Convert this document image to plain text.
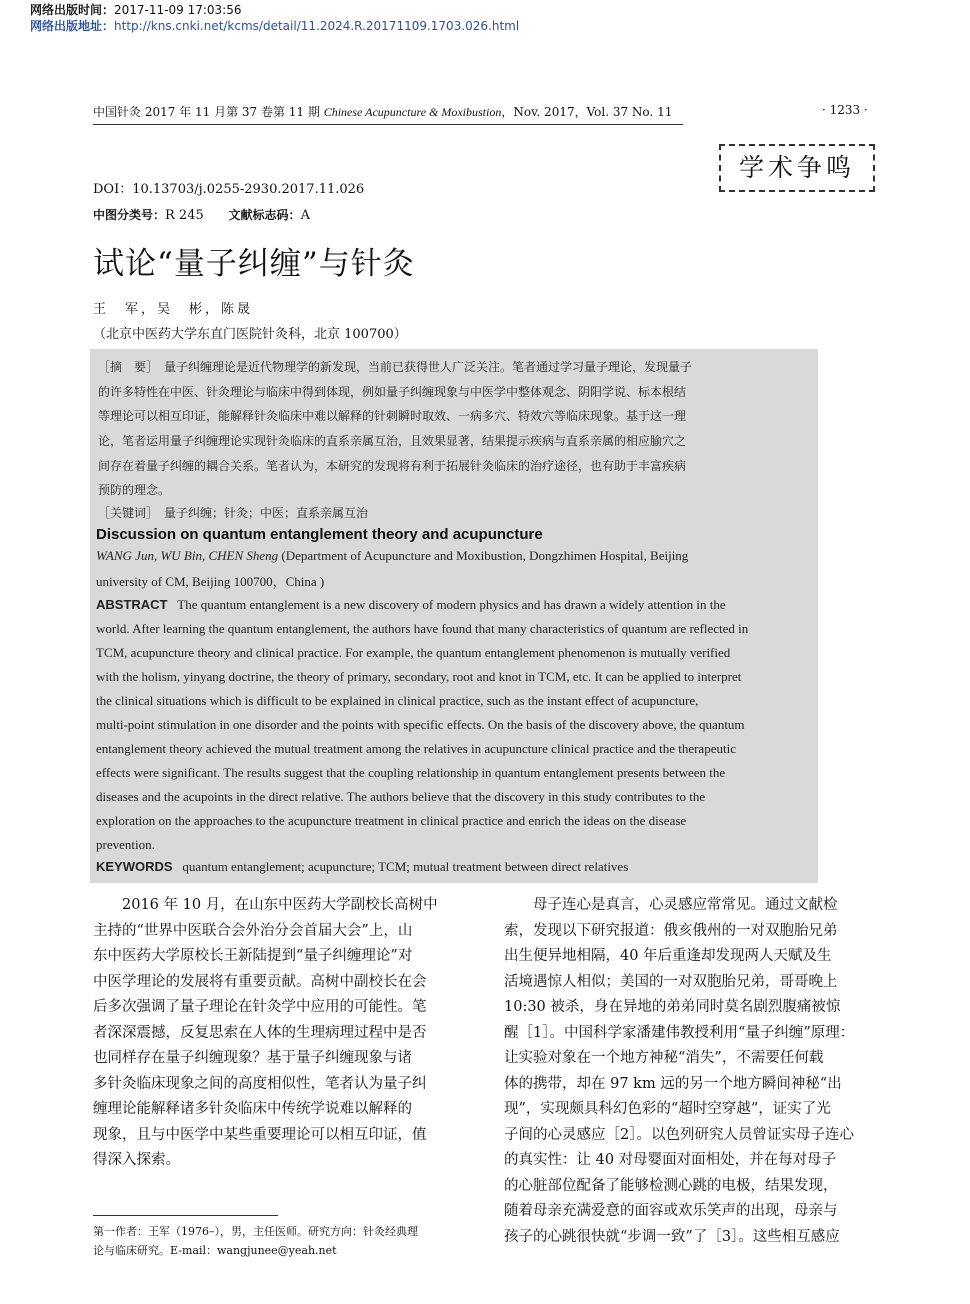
网络出版时间：2017-11-09 17:03:56
网络出版地址：http://kns.cnki.net/kcms/detail/11.2024.R.20171109.1703.026.html
中国针灸 2017 年 11 月第 37 卷第 11 期 Chinese Acupuncture & Moxibustion，Nov. 2017，Vol. 37 No. 11	· 1233 ·
学术争鸣
DOI：10.13703/j.0255-2930.2017.11.026
中图分类号：R 245 文献标志码：A
试论“量子纠缠”与针灸
王　军，吴　彬，陈晟
（北京中医药大学东直门医院针灸科，北京 100700）
［摘　要］　 量子纠缠理论是近代物理学的新发现，当前已获得世人广泛关注。笔者通过学习量子理论，发现量子
的许多特性在中医、针灸理论与临床中得到体现，例如量子纠缠现象与中医学中整体观念、阴阳学说、标本根结
等理论可以相互印证，能解释针灸临床中难以解释的针刺瞬时取效、一病多穴、特效穴等临床现象。基于这一理
论，笔者运用量子纠缠理论实现针灸临床的直系亲属互治，且效果显著，结果提示疾病与直系亲属的相应腧穴之
间存在着量子纠缠的耦合关系。笔者认为，本研究的发现将有利于拓展针灸临床的治疗途径，也有助于丰富疾病
预防的理念。
［关键词］　 量子纠缠；针灸；中医；直系亲属互治
Discussion on quantum entanglement theory and acupuncture
WANG Jun, WU Bin, CHEN Sheng (Department of Acupuncture and Moxibustion, Dongzhimen Hospital, Beijing
university of CM, Beijing 100700，China )
ABSTRACT The quantum entanglement is a new discovery of modern physics and has drawn a widely attention in the
world. After learning the quantum entanglement, the authors have found that many characteristics of quantum are reflected in
TCM, acupuncture theory and clinical practice. For example, the quantum entanglement phenomenon is mutually verified
with the holism, yinyang doctrine, the theory of primary, secondary, root and knot in TCM, etc. It can be applied to interpret
the clinical situations which is difficult to be explained in clinical practice, such as the instant effect of acupuncture,
multi-point stimulation in one disorder and the points with specific effects. On the basis of the discovery above, the quantum
entanglement theory achieved the mutual treatment among the relatives in acupuncture clinical practice and the therapeutic
effects were significant. The results suggest that the coupling relationship in quantum entanglement presents between the
diseases and the acupoints in the direct relative. The authors believe that the discovery in this study contributes to the
exploration on the approaches to the acupuncture treatment in clinical practice and enrich the ideas on the disease
prevention.
KEYWORDS quantum entanglement; acupuncture; TCM; mutual treatment between direct relatives
　　2016 年 10 月，在山东中医药大学副校长高树中
主持的“世界中医联合会外治分会首届大会”上，山
东中医药大学原校长王新陆提到“量子纠缠理论”对
中医学理论的发展将有重要贡献。高树中副校长在会
后多次强调了量子理论在针灸学中应用的可能性。笔
者深深震撼，反复思索在人体的生理病理过程中是否
也同样存在量子纠缠现象？基于量子纠缠现象与诸
多针灸临床现象之间的高度相似性，笔者认为量子纠
缠理论能解释诸多针灸临床中传统学说难以解释的
现象，且与中医学中某些重要理论可以相互印证，值
得深入探索。
　　母子连心是真言，心灵感应常常见。通过文献检
索，发现以下研究报道：俄亥俄州的一对双胞胎兄弟
出生便异地相隔，40 年后重逢却发现两人天赋及生
活境遇惊人相似；美国的一对双胞胎兄弟，哥哥晚上
10:30 被杀，身在异地的弟弟同时莫名剧烈腹痛被惊
醒［1］。中国科学家潘建伟教授利用“量子纠缠”原理：
让实验对象在一个地方神秘“消失”，不需要任何载
体的携带，却在 97 km 远的另一个地方瞬间神秘“出
现”，实现颇具科幻色彩的“超时空穿越”，证实了光
子间的心灵感应［2］。以色列研究人员曾证实母子连心
的真实性：让 40 对母婴面对面相处，并在每对母子
的心脏部位配备了能够检测心跳的电极，结果发现，
随着母亲充满爱意的面容或欢乐笑声的出现，母亲与
孩子的心跳很快就“步调一致”了［3］。这些相互感应
第一作者：王军（1976–），男，主任医师。研究方向：针灸经典理
论与临床研究。E-mail：wangjunee@yeah.net
